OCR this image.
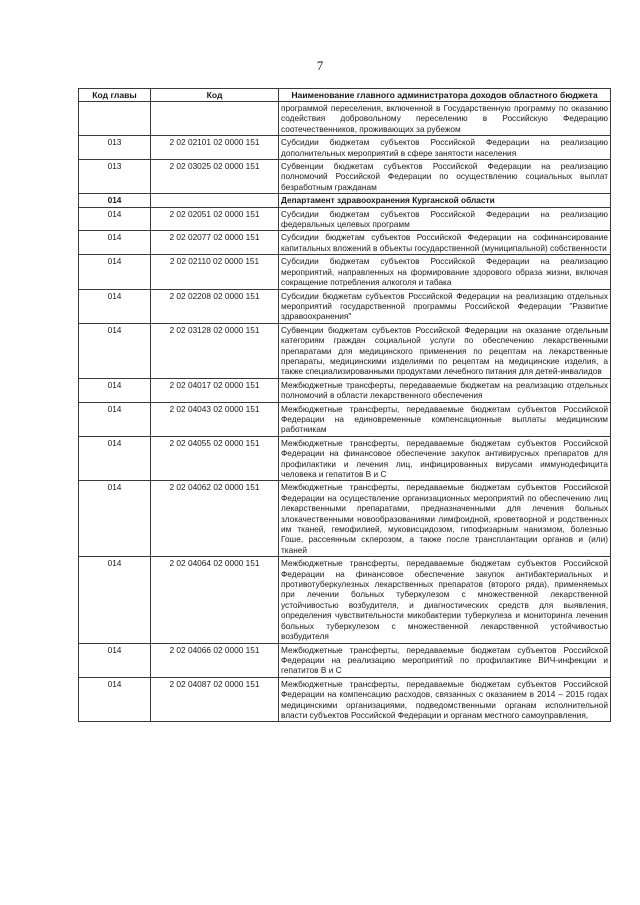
7
Код главы	Код	Наименование главного администратора доходов областного бюджета
		программой переселения, включенной в Государственную программу по оказанию содействия добровольному переселению в Российскую Федерацию соотечественников, проживающих за рубежом
013	2 02 02101 02 0000 151	Субсидии бюджетам субъектов Российской Федерации на реализацию дополнительных мероприятий в сфере занятости населения
013	2 02 03025 02 0000 151	Субвенции бюджетам субъектов Российской Федерации на реализацию полномочий Российской Федерации по осуществлению социальных выплат безработным гражданам
014		Департамент здравоохранения Курганской области
014	2 02 02051 02 0000 151	Субсидии бюджетам субъектов Российской Федерации на реализацию федеральных целевых программ
014	2 02 02077 02 0000 151	Субсидии бюджетам субъектов Российской Федерации на софинансирование капитальных вложений в объекты государственной (муниципальной) собственности
014	2 02 02110 02 0000 151	Субсидии бюджетам субъектов Российской Федерации на реализацию мероприятий, направленных на формирование здорового образа жизни, включая сокращение потребления алкоголя и табака
014	2 02 02208 02 0000 151	Субсидии бюджетам субъектов Российской Федерации на реализацию отдельных мероприятий государственной программы Российской Федерации "Развитие здравоохранения"
014	2 02 03128 02 0000 151	Субвенции бюджетам субъектов Российской Федерации на оказание отдельным категориям граждан социальной услуги по обеспечению лекарственными препаратами для медицинского применения по рецептам на лекарственные препараты, медицинскими изделиями по рецептам на медицинские изделия, а также специализированными продуктами лечебного питания для детей-инвалидов
014	2 02 04017 02 0000 151	Межбюджетные трансферты, передаваемые бюджетам на реализацию отдельных полномочий в области лекарственного обеспечения
014	2 02 04043 02 0000 151	Межбюджетные трансферты, передаваемые бюджетам субъектов Российской Федерации на единовременные компенсационные выплаты медицинским работникам
014	2 02 04055 02 0000 151	Межбюджетные трансферты, передаваемые бюджетам субъектов Российской Федерации на финансовое обеспечение закупок антивирусных препаратов для профилактики и лечения лиц, инфицированных вирусами иммунодефицита человека и гепатитов В и С
014	2 02 04062 02 0000 151	Межбюджетные трансферты, передаваемые бюджетам субъектов Российской Федерации на осуществление организационных мероприятий по обеспечению лиц лекарственными препаратами, предназначенными для лечения больных злокачественными новообразованиями лимфоидной, кроветворной и родственных им тканей, гемофилией, муковисцидозом, гипофизарным нанизмом, болезнью Гоше, рассеянным склерозом, а также после трансплантации органов и (или) тканей
014	2 02 04064 02 0000 151	Межбюджетные трансферты, передаваемые бюджетам субъектов Российской Федерации на финансовое обеспечение закупок антибактериальных и противотуберкулезных лекарственных препаратов (второго ряда), применяемых при лечении больных туберкулезом с множественной лекарственной устойчивостью возбудителя, и диагностических средств для выявления, определения чувствительности микобактерии туберкулеза и мониторинга лечения больных туберкулезом с множественной лекарственной устойчивостью возбудителя
014	2 02 04066 02 0000 151	Межбюджетные трансферты, передаваемые бюджетам субъектов Российской Федерации на реализацию мероприятий по профилактике ВИЧ-инфекции и гепатитов В и С
014	2 02 04087 02 0000 151	Межбюджетные трансферты, передаваемые бюджетам субъектов Российской Федерации на компенсацию расходов, связанных с оказанием в 2014 – 2015 годах медицинскими организациями, подведомственными органам исполнительной власти субъектов Российской Федерации и органам местного самоуправления,
